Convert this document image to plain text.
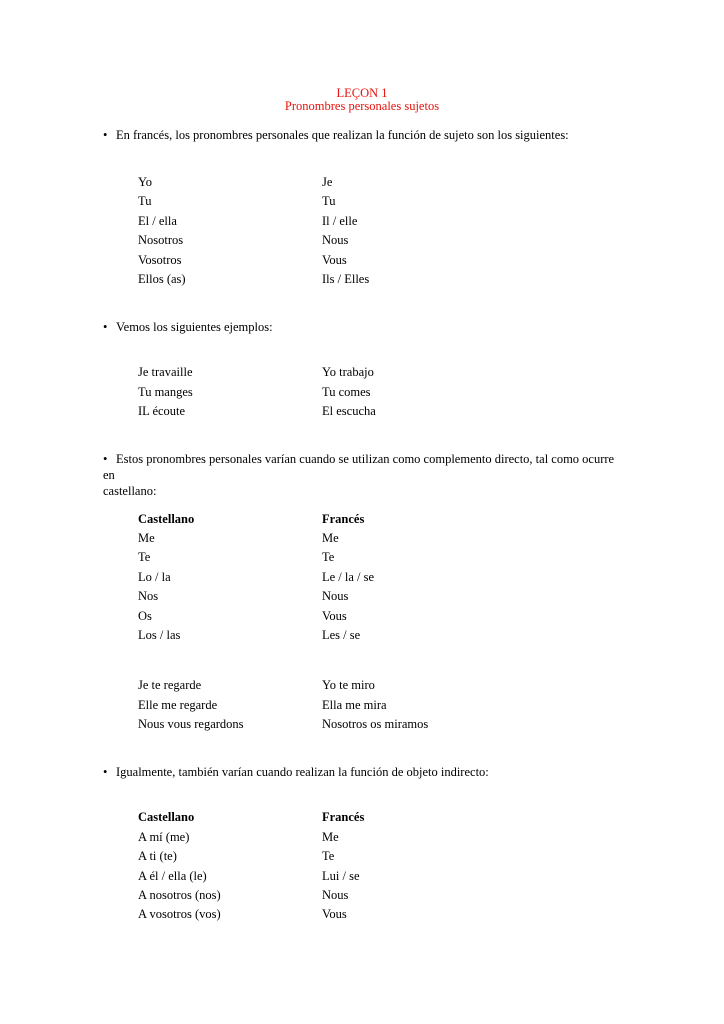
LEÇON 1
Pronombres personales sujetos
• En francés, los pronombres personales que realizan la función de sujeto son los siguientes:
Yo	Je
Tu	Tu
El / ella	Il / elle
Nosotros	Nous
Vosotros	Vous
Ellos (as)	Ils / Elles
• Vemos los siguientes ejemplos:
Je travaille	Yo trabajo
Tu manges	Tu comes
IL écoute	El escucha
• Estos pronombres personales varían cuando se utilizan como complemento directo, tal como ocurre en
castellano:
Castellano	Francés
Me	Me
Te	Te
Lo / la	Le / la / se
Nos	Nous
Os	Vous
Los / las	Les / se
Je te regarde	Yo te miro
Elle me regarde	Ella me mira
Nous vous regardons	Nosotros os miramos
• Igualmente, también varían cuando realizan la función de objeto indirecto:
Castellano	Francés
A mí (me)	Me
A ti (te)	Te
A él / ella (le)	Lui / se
A nosotros (nos)	Nous
A vosotros (vos)	Vous
